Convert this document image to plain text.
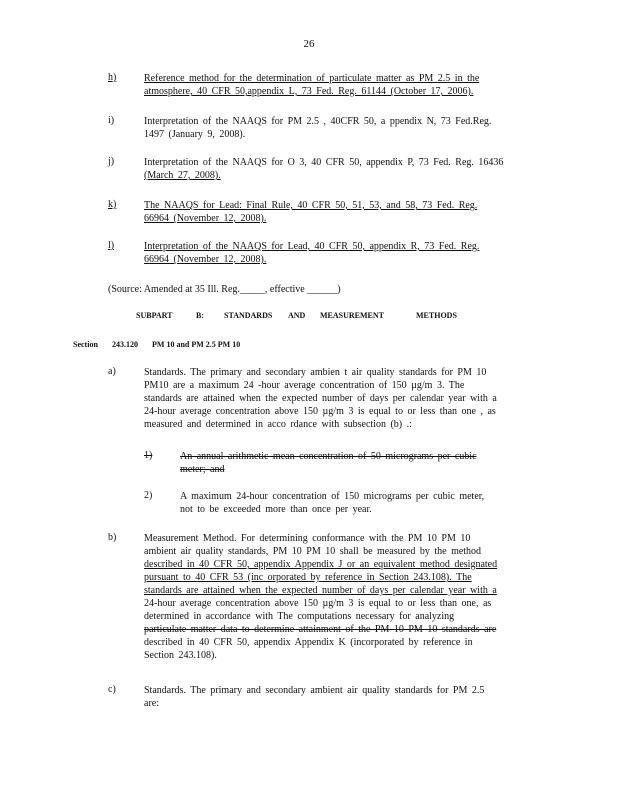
26
h)	Reference method for the determination of particulate matter as PM 2.5 in the
atmosphere, 40 CFR 50,appendix L, 73 Fed. Reg. 61144 (October 17, 2006).
i)	Interpretation of the NAAQS for PM 2.5 , 40CFR 50, a ppendix N, 73 Fed.Reg.
1497 (January 9, 2008).
j)	Interpretation of the NAAQS for O 3, 40 CFR 50, appendix P, 73 Fed. Reg. 16436
(March 27, 2008).
k)	The NAAQS for Lead: Final Rule, 40 CFR 50, 51, 53, and 58, 73 Fed. Reg.
66964 (November 12, 2008).
l)	Interpretation of the NAAQS for Lead, 40 CFR 50, appendix R, 73 Fed. Reg.
66964 (November 12, 2008).
(Source: Amended at 35 Ill. Reg._____, effective ______)
SUBPART	B:	STANDARDS AND MEASUREMENT	METHODS
Section 243.120 PM 10 and PM 2.5 PM 10
a)	Standards. The primary and secondary ambien t air quality standards for PM 10
PM10 are a maximum 24 -hour average concentration of 150 µg/m 3. The
standards are attained when the expected number of days per calendar year with a
24-hour average concentration above 150 µg/m 3 is equal to or less than one , as
measured and determined in acco rdance with subsection (b) .:
1)	An annual arithmetic mean concentration of 50 micrograms per cubic
meter; and
2)	A maximum 24-hour concentration of 150 micrograms per cubic meter,
not to be exceeded more than once per year.
b)	Measurement Method. For determining conformance with the PM 10 PM 10
ambient air quality standards, PM 10 PM 10 shall be measured by the method
described in 40 CFR 50, appendix Appendix J or an equivalent method designated
pursuant to 40 CFR 53 (inc orporated by reference in Section 243.108). The
standards are attained when the expected number of days per calendar year with a
24-hour average concentration above 150 µg/m 3 is equal to or less than one, as
determined in accordance with The computations necessary for analyzing
particulate matter data to determine attainment of the PM 10 PM 10 standards are
described in 40 CFR 50, appendix Appendix K (incorporated by reference in
Section 243.108).
c)	Standards. The primary and secondary ambient air quality standards for PM 2.5
are:
